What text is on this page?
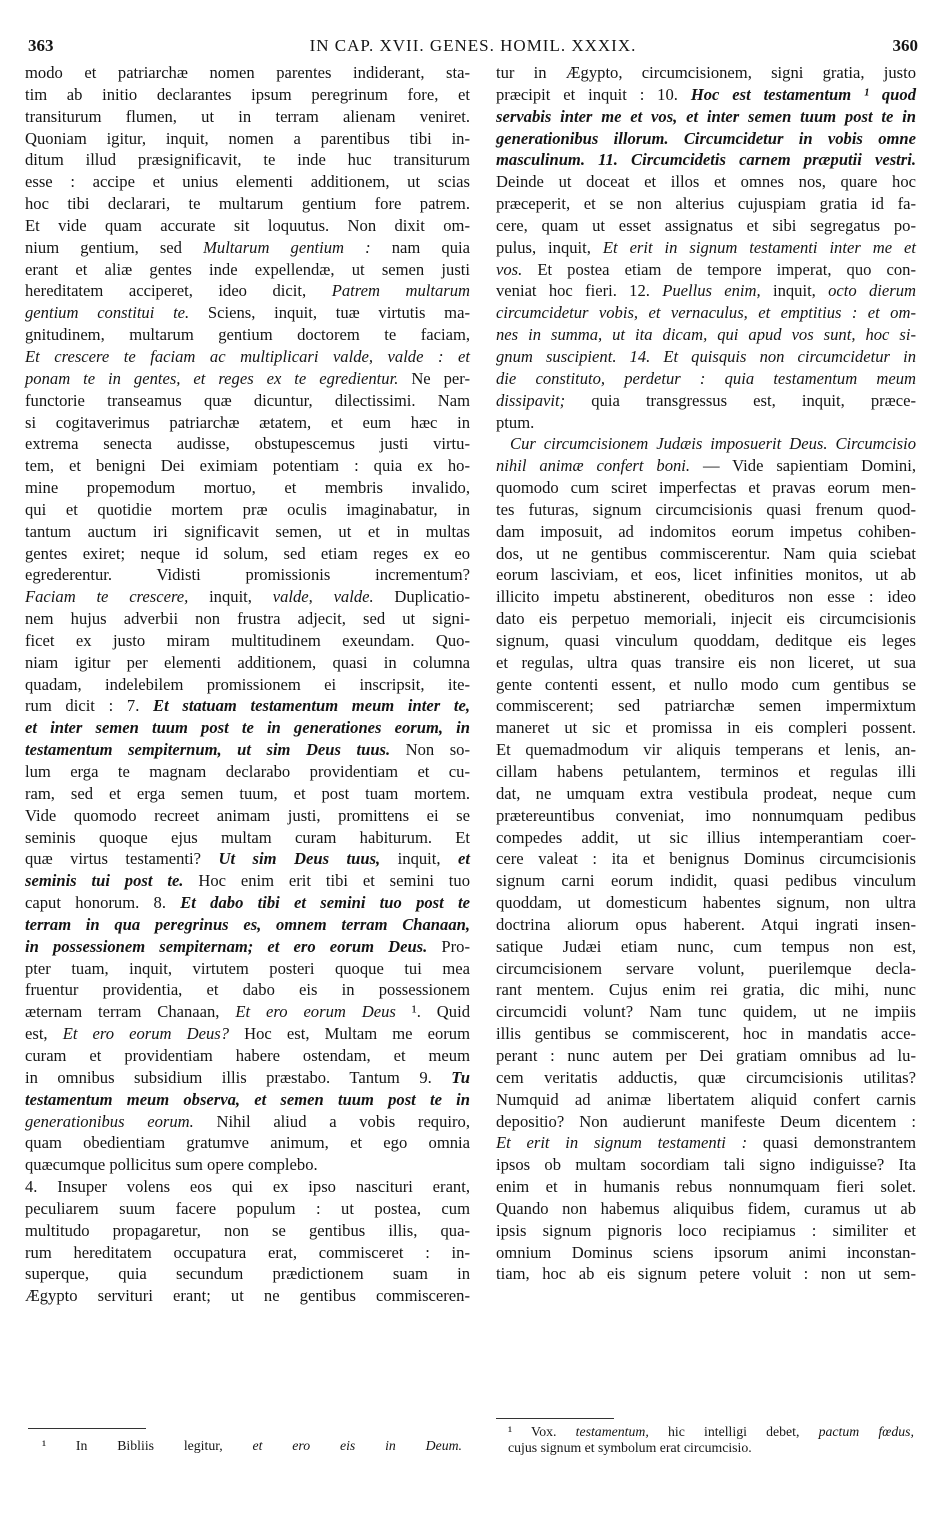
363	IN CAP. XVII. GENES. HOMIL. XXXIX.	360
modo et patriarchæ nomen parentes indiderant, sta-
tim ab initio declarantes ipsum peregrinum fore, et
transiturum flumen, ut in terram alienam veniret.
Quoniam igitur, inquit, nomen a parentibus tibi in-
ditum illud præsignificavit, te inde huc transiturum
esse : accipe et unius elementi additionem, ut scias
hoc tibi declarari, te multarum gentium fore patrem.
Et vide quam accurate sit loquutus. Non dixit om-
nium gentium, sed Multarum gentium : nam quia
erant et aliæ gentes inde expellendæ, ut semen justi
hereditatem acciperet, ideo dicit, Patrem multarum
gentium constitui te. Sciens, inquit, tuæ virtutis ma-
gnitudinem, multarum gentium doctorem te faciam,
Et crescere te faciam ac multiplicari valde, valde : et
ponam te in gentes, et reges ex te egredientur. Ne per-
functorie transeamus quæ dicuntur, dilectissimi. Nam
si cogitaverimus patriarchæ ætatem, et eum hæc in
extrema senecta audisse, obstupescemus justi virtu-
tem, et benigni Dei eximiam potentiam : quia ex ho-
mine propemodum mortuo, et membris invalido,
qui et quotidie mortem præ oculis imaginabatur, in
tantum auctum iri significavit semen, ut et in multas
gentes exiret; neque id solum, sed etiam reges ex eo
egrederentur. Vidisti promissionis incrementum?
Faciam te crescere, inquit, valde, valde. Duplicatio-
nem hujus adverbii non frustra adjecit, sed ut signi-
ficet ex justo miram multitudinem exeundam. Quo-
niam igitur per elementi additionem, quasi in columna
quadam, indelebilem promissionem ei inscripsit, ite-
rum dicit : 7. Et statuam testamentum meum inter te,
et inter semen tuum post te in generationes eorum, in
testamentum sempiternum, ut sim Deus tuus. Non so-
lum erga te magnam declarabo providentiam et cu-
ram, sed et erga semen tuum, et post tuam mortem.
Vide quomodo recreet animam justi, promittens ei se
seminis quoque ejus multam curam habiturum. Et
quæ virtus testamenti? Ut sim Deus tuus, inquit, et
seminis tui post te. Hoc enim erit tibi et semini tuo
caput honorum. 8. Et dabo tibi et semini tuo post te
terram in qua peregrinus es, omnem terram Chanaan,
in possessionem sempiternam; et ero eorum Deus. Pro-
pter tuam, inquit, virtutem posteri quoque tui mea
fruentur providentia, et dabo eis in possessionem
æternam terram Chanaan, Et ero eorum Deus ¹. Quid
est, Et ero eorum Deus? Hoc est, Multam me eorum
curam et providentiam habere ostendam, et meum
in omnibus subsidium illis præstabo. Tantum 9. Tu
testamentum meum observa, et semen tuum post te in
generationibus eorum. Nihil aliud a vobis requiro,
quam obedientiam gratumve animum, et ego omnia
quæcumque pollicitus sum opere complebo.
4. Insuper volens eos qui ex ipso nasciturі erant,
peculiarem suum facere populum : ut postea, cum
multitudo propagaretur, non se gentibus illis, qua-
rum hereditatem occupatura erat, commisceret : in-
superque, quia secundum prædictionem suam in
Ægypto servituri erant; ut ne gentibus commisceren-
tur in Ægypto, circumcisionem, signi gratia, justo
præcipit et inquit : 10. Hoc est testamentum ¹ quod
servabis inter me et vos, et inter semen tuum post te in
generationibus illorum. Circumcidetur in vobis omne
masculinum. 11. Circumcidetis carnem præputii vestri.
Deinde ut doceat et illos et omnes nos, quare hoc
præceperit, et se non alterius cujuspiam gratia id fa-
cere, quam ut esset assignatus et sibi segregatus po-
pulus, inquit, Et erit in signum testamenti inter me et
vos. Et postea etiam de tempore imperat, quo con-
veniat hoc fieri. 12. Puellus enim, inquit, octo dierum
circumcidetur vobis, et vernaculus, et emptitius : et om-
nes in summa, ut ita dicam, qui apud vos sunt, hoc si-
gnum suscipient. 14. Et quisquis non circumcidetur in
die constituto, perdetur : quia testamentum meum
dissipavit; quia transgressus est, inquit, præce-
ptum.
Cur circumcisionem Judæis imposuerit Deus. Circumcisio
nihil animæ confert boni. — Vide sapientiam Domini,
quomodo cum sciret imperfectas et pravas eorum men-
tes futuras, signum circumcisionis quasi frenum quod-
dam imposuit, ad indomitos eorum impetus cohiben-
dos, ut ne gentibus commiscerentur. Nam quia sciebat
eorum lasciviam, et eos, licet infinities monitos, ut ab
illicito impetu abstinerent, obedituros non esse : ideo
dato eis perpetuo memoriali, injecit eis circumcisionis
signum, quasi vinculum quoddam, deditque eis leges
et regulas, ultra quas transire eis non liceret, ut sua
gente contenti essent, et nullo modo cum gentibus se
commiscerent; sed patriarchæ semen impermixtum
maneret ut sic et promissa in eis compleri possent.
Et quemadmodum vir aliquis temperans et lenis, an-
cillam habens petulantem, terminos et regulas illi
dat, ne umquam extra vestibula prodeat, neque cum
prætereuntibus conveniat, imo nonnumquam pedibus
compedes addit, ut sic illius intemperantiam coer-
cere valeat : ita et benignus Dominus circumcisionis
signum carni eorum indidit, quasi pedibus vinculum
quoddam, ut domesticum habentes signum, non ultra
doctrina aliorum opus haberent. Atqui ingrati insen-
satique Judæi etiam nunc, cum tempus non est,
circumcisionem servare volunt, puerilemque decla-
rant mentem. Cujus enim rei gratia, dic mihi, nunc
circumcidi volunt? Nam tunc quidem, ut ne impiis
illis gentibus se commiscerent, hoc in mandatis acce-
perant : nunc autem per Dei gratiam omnibus ad lu-
cem veritatis adductis, quæ circumcisionis utilitas?
Numquid ad animæ libertatem aliquid confert carnis
depositio? Non audierunt manifeste Deum dicentem :
Et erit in signum testamenti : quasi demonstrantem
ipsos ob multam socordiam tali signo indiguisse? Ita
enim et in humanis rebus nonnumquam fieri solet.
Quando non habemus aliquibus fidem, curamus ut ab
ipsis signum pignoris loco recipiamus : similiter et
omnium Dominus sciens ipsorum animi inconstan-
tiam, hoc ab eis signum petere voluit : non ut sem-
¹ In Bibliis legitur, et ero eis in Deum.
¹ Vox. testamentum, hic intelligi debet, pactum fœdus,
cujus signum et symbolum erat circumcisio.
